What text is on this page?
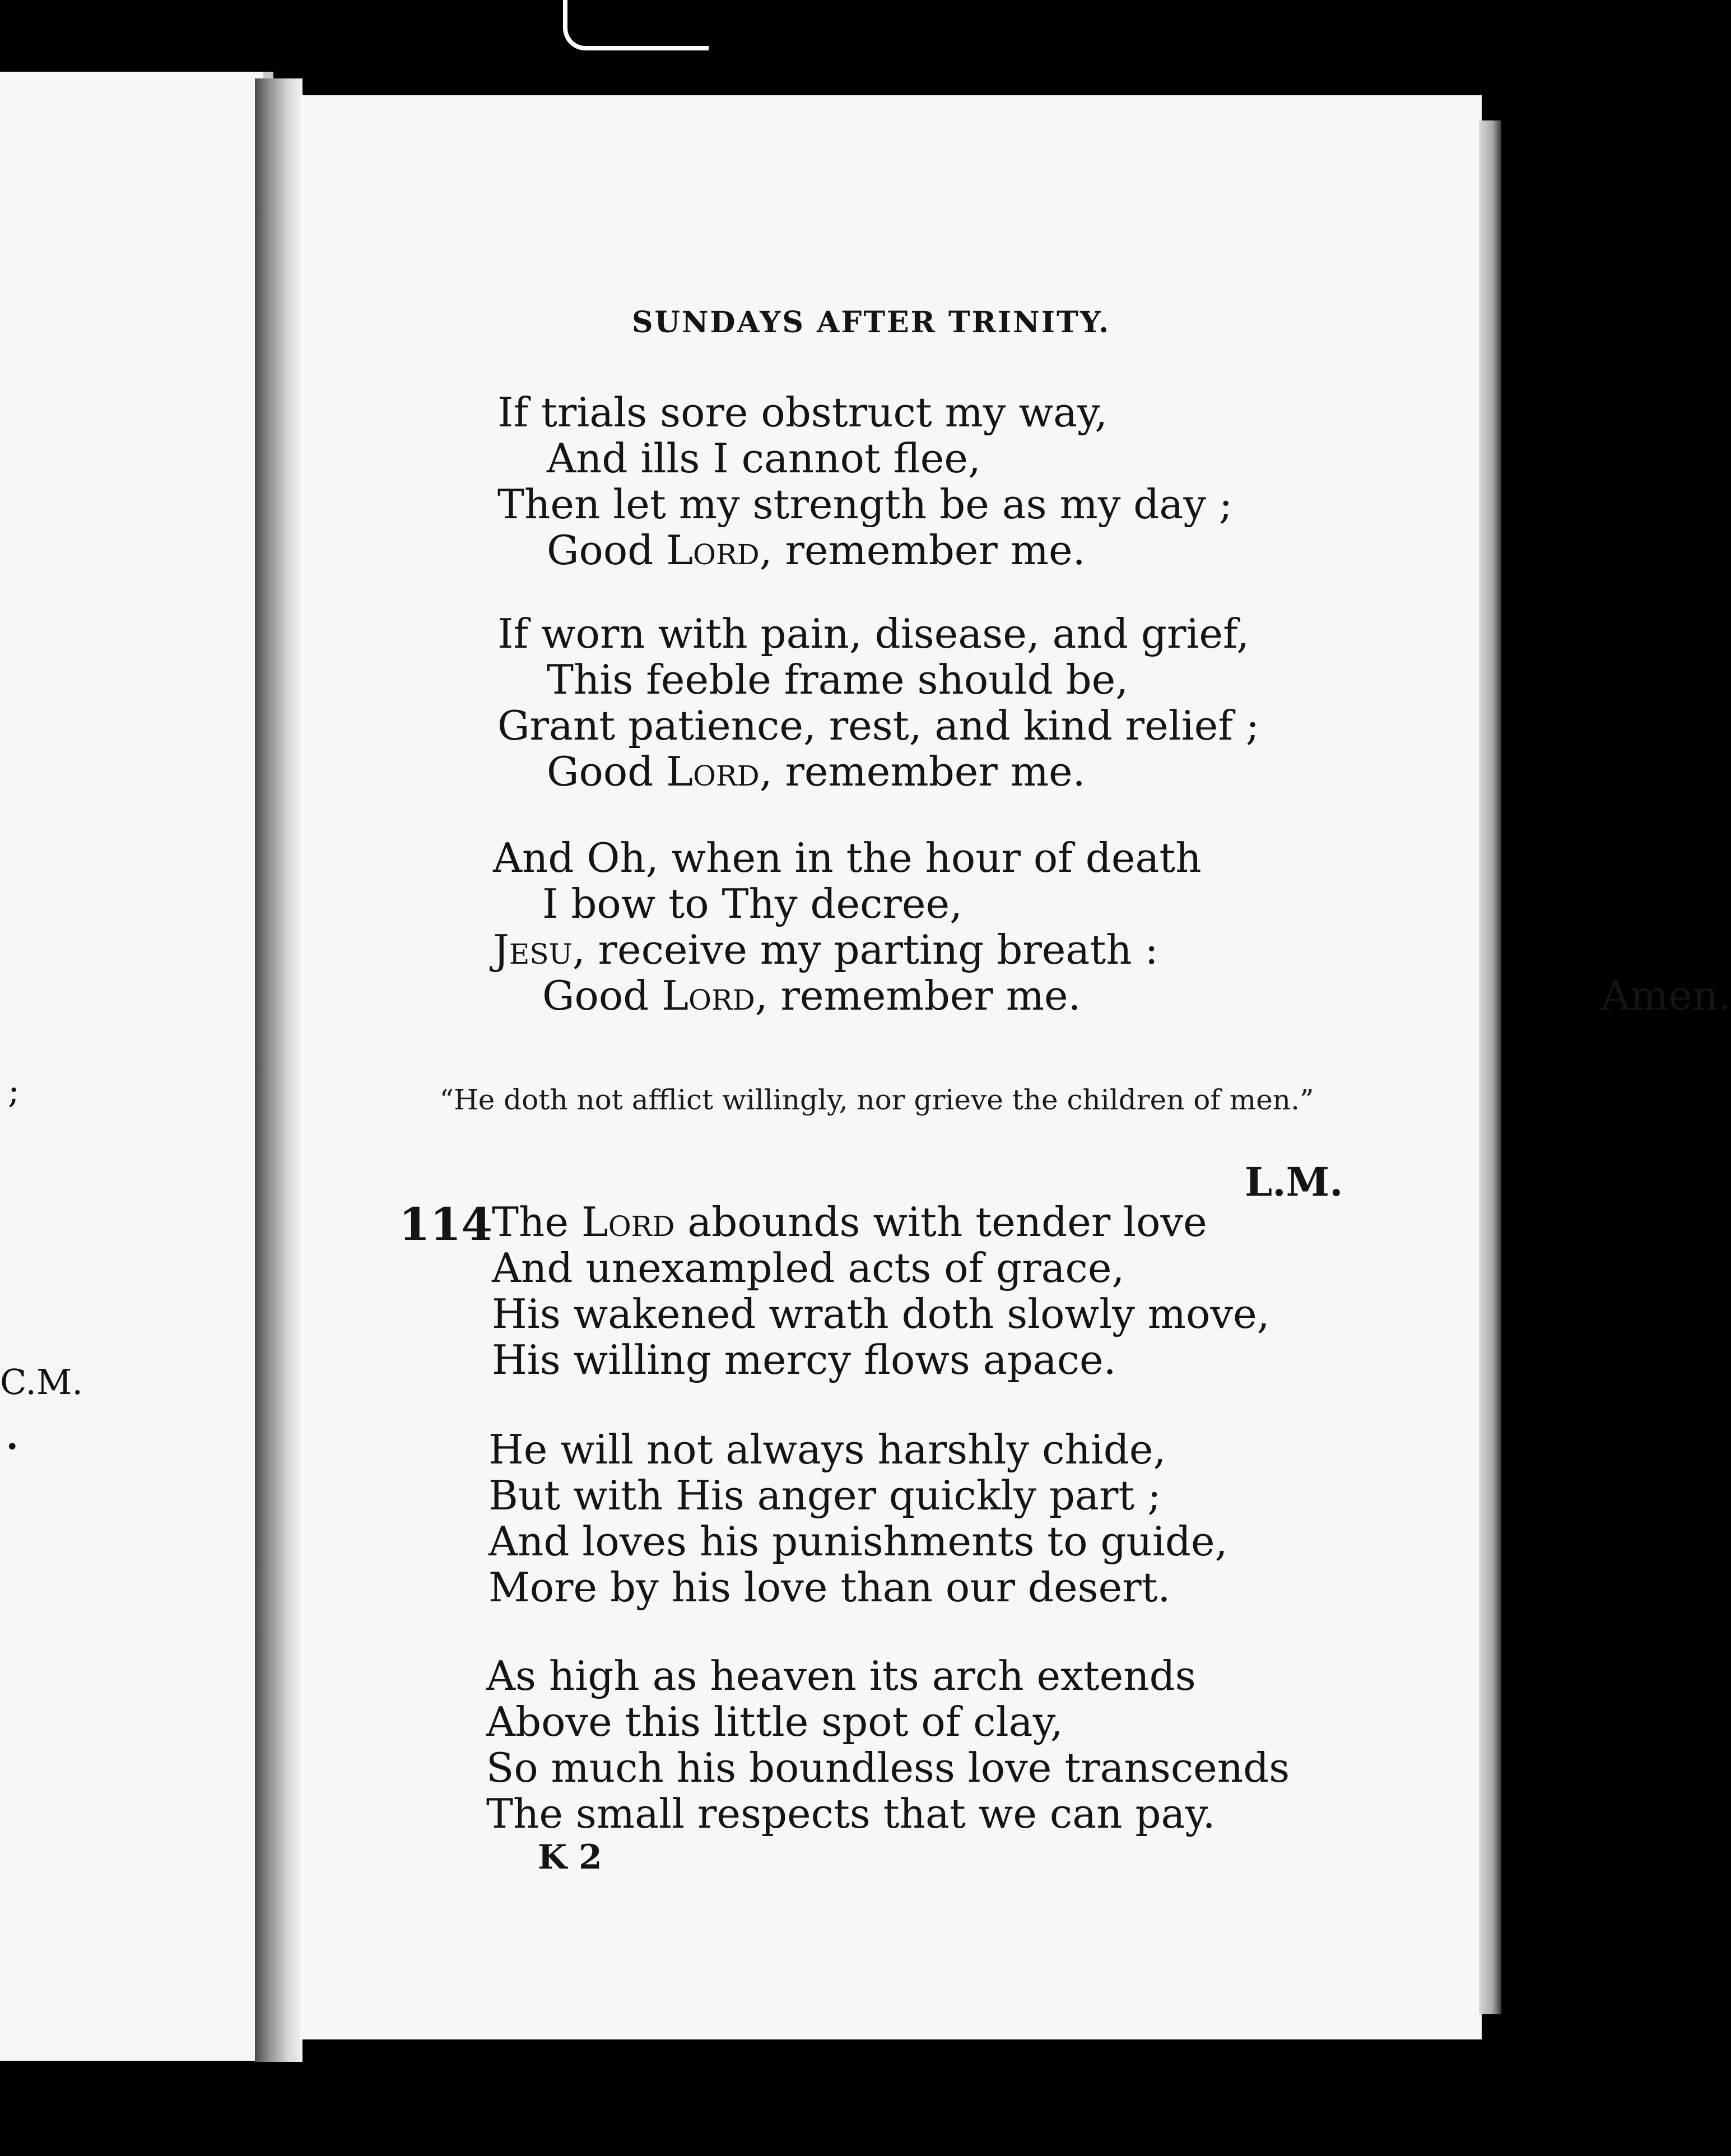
;
C.M.
•
SUNDAYS AFTER TRINITY.
If trials sore obstruct my way,
And ills I cannot flee,
Then let my strength be as my day ;
Good Lord, remember me.
If worn with pain, disease, and grief,
This feeble frame should be,
Grant patience, rest, and kind relief ;
Good Lord, remember me.
And Oh, when in the hour of death
I bow to Thy decree,
Jesu, receive my parting breath :
Good Lord, remember me.	Amen.
“He doth not afflict willingly, nor grieve the children of men.”
L.M.
114 The Lord abounds with tender love
And unexampled acts of grace,
His wakened wrath doth slowly move,
His willing mercy flows apace.
He will not always harshly chide,
But with His anger quickly part ;
And loves his punishments to guide,
More by his love than our desert.
As high as heaven its arch extends
Above this little spot of clay,
So much his boundless love transcends
The small respects that we can pay.
K 2
